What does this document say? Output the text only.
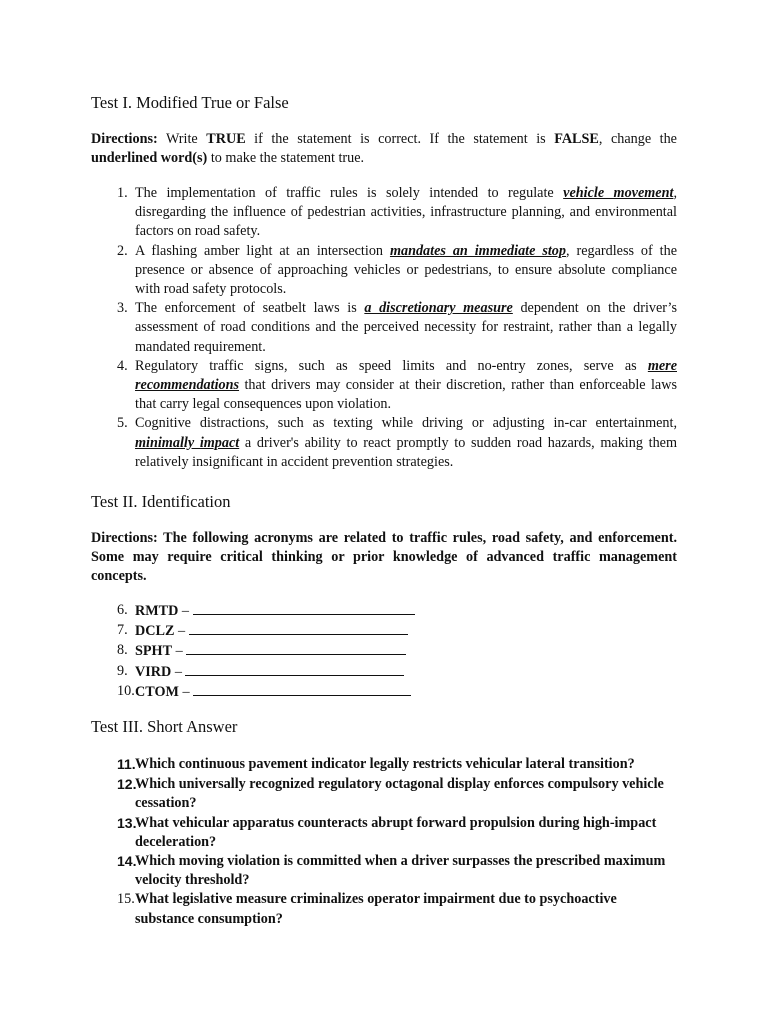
Test I. Modified True or False

Directions: Write TRUE if the statement is correct. If the statement is FALSE, change the underlined word(s) to make the statement true.

1. The implementation of traffic rules is solely intended to regulate vehicle movement, disregarding the influence of pedestrian activities, infrastructure planning, and environmental factors on road safety.
2. A flashing amber light at an intersection mandates an immediate stop, regardless of the presence or absence of approaching vehicles or pedestrians, to ensure absolute compliance with road safety protocols.
3. The enforcement of seatbelt laws is a discretionary measure dependent on the driver’s assessment of road conditions and the perceived necessity for restraint, rather than a legally mandated requirement.
4. Regulatory traffic signs, such as speed limits and no-entry zones, serve as mere recommendations that drivers may consider at their discretion, rather than enforceable laws that carry legal consequences upon violation.
5. Cognitive distractions, such as texting while driving or adjusting in-car entertainment, minimally impact a driver's ability to react promptly to sudden road hazards, making them relatively insignificant in accident prevention strategies.
Test II. Identification
Directions: The following acronyms are related to traffic rules, road safety, and enforcement. Some may require critical thinking or prior knowledge of advanced traffic management concepts.
6. RMTD –
7. DCLZ –
8. SPHT –
9. VIRD –
10. CTOM –
Test III. Short Answer
11. Which continuous pavement indicator legally restricts vehicular lateral transition?
12.
Which universally recognized regulatory octagonal display enforces compulsory vehicle cessation?
13.
What vehicular apparatus counteracts abrupt forward propulsion during high-impact deceleration?
14.
Which moving violation is committed when a driver surpasses the prescribed maximum velocity threshold?
15. What legislative measure criminalizes operator impairment due to psychoactive substance consumption?
